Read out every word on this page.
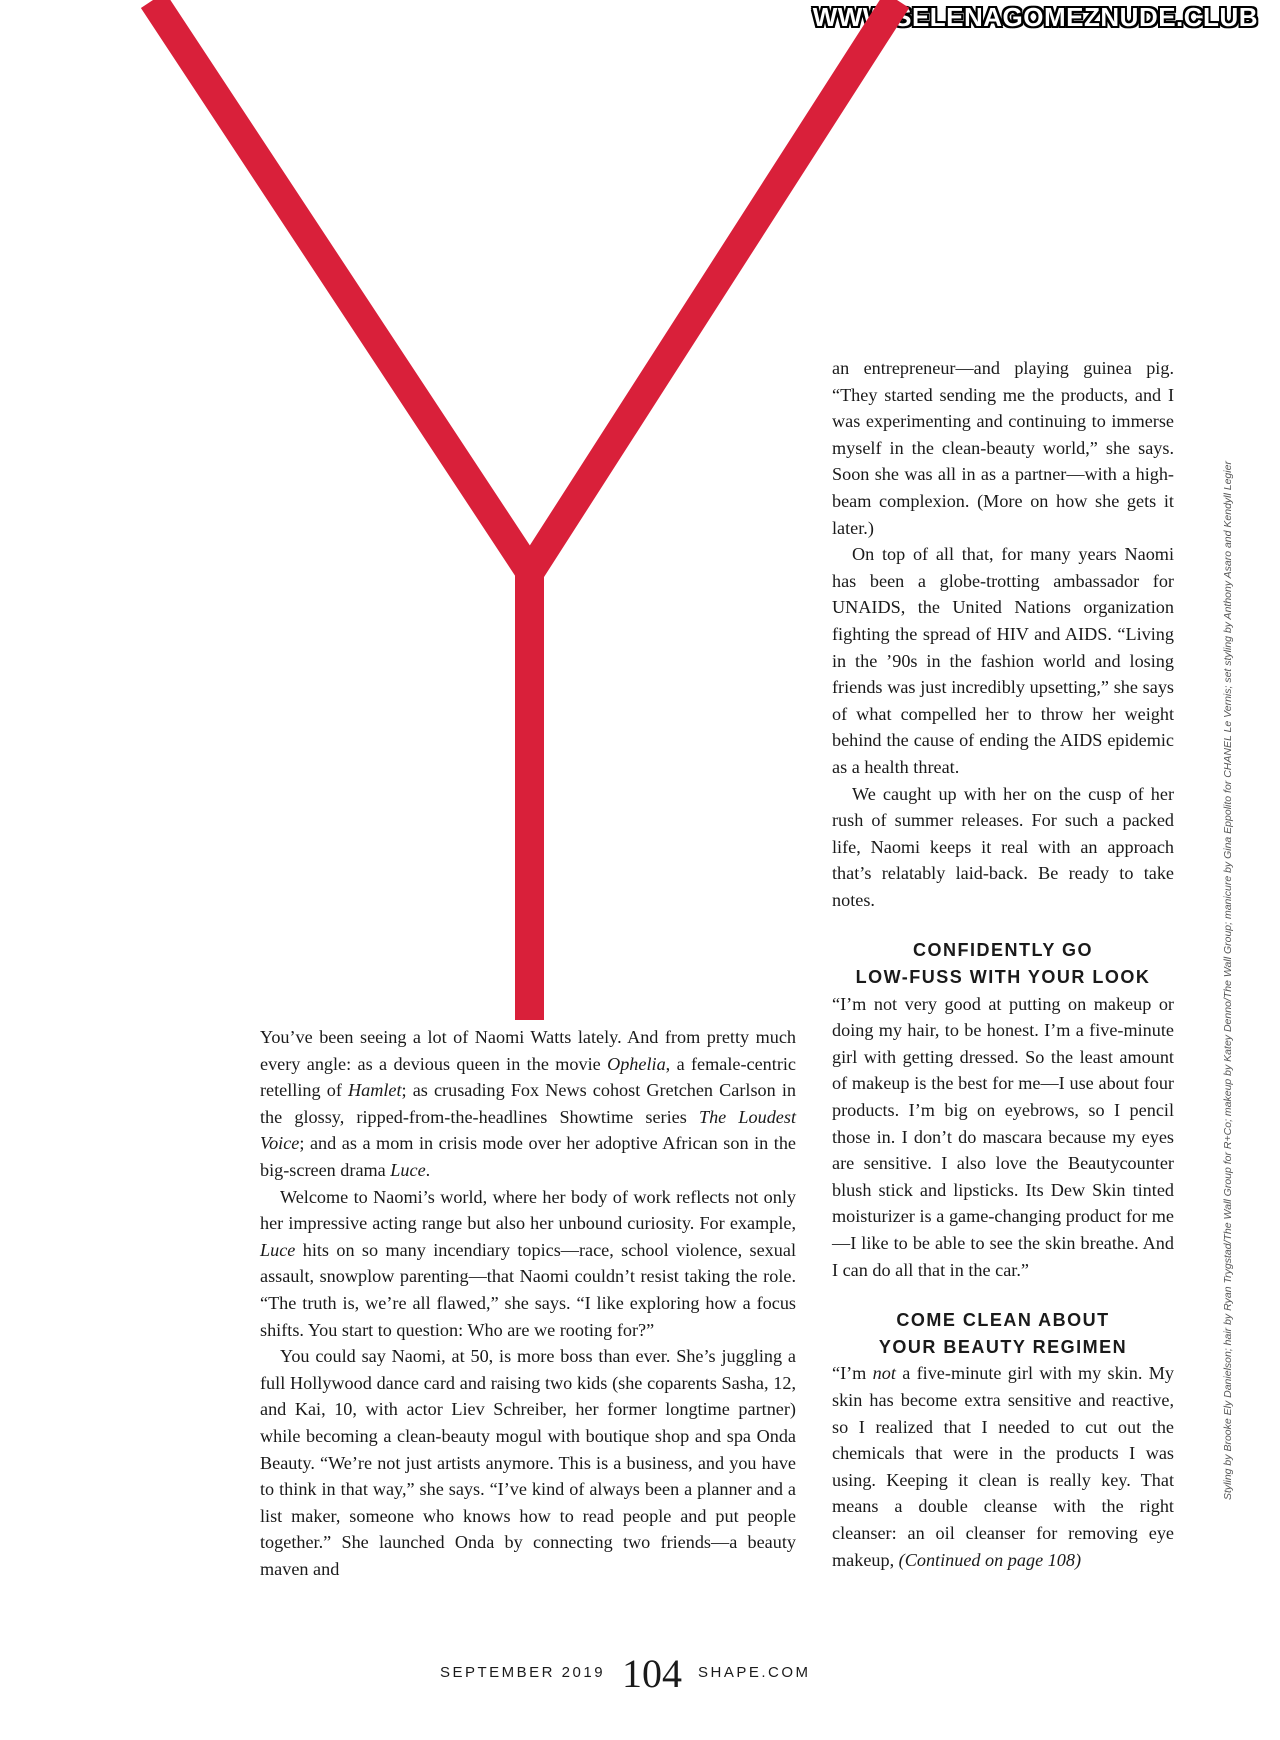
WWW.SELENAGOMEZNUDE.CLUB

You’ve been seeing a lot of Naomi Watts lately. And from pretty much every angle: as a devious queen in the movie Ophelia, a female-centric retelling of Hamlet; as crusading Fox News cohost Gretchen Carlson in the glossy, ripped-from-the-headlines Showtime series The Loudest Voice; and as a mom in crisis mode over her adoptive African son in the big-screen drama Luce.

Welcome to Naomi’s world, where her body of work reflects not only her impressive acting range but also her unbound curiosity. For example, Luce hits on so many incendiary topics—race, school violence, sexual assault, snowplow parenting—that Naomi couldn’t resist taking the role. “The truth is, we’re all flawed,” she says. “I like exploring how a focus shifts. You start to question: Who are we rooting for?”

You could say Naomi, at 50, is more boss than ever. She’s juggling a full Hollywood dance card and raising two kids (she coparents Sasha, 12, and Kai, 10, with actor Liev Schreiber, her former longtime partner) while becoming a clean-beauty mogul with boutique shop and spa Onda Beauty. “We’re not just artists anymore. This is a business, and you have to think in that way,” she says. “I’ve kind of always been a planner and a list maker, someone who knows how to read people and put people together.” She launched Onda by connecting two friends—a beauty maven and

an entrepreneur—and playing guinea pig. “They started sending me the products, and I was experimenting and continuing to immerse myself in the clean-beauty world,” she says. Soon she was all in as a partner—with a high-beam complexion. (More on how she gets it later.)

On top of all that, for many years Naomi has been a globe-trotting ambassador for UNAIDS, the United Nations organization fighting the spread of HIV and AIDS. “Living in the ’90s in the fashion world and losing friends was just incredibly upsetting,” she says of what compelled her to throw her weight behind the cause of ending the AIDS epidemic as a health threat.

We caught up with her on the cusp of her rush of summer releases. For such a packed life, Naomi keeps it real with an approach that’s relatably laid-back. Be ready to take notes.

CONFIDENTLY GO
LOW-FUSS WITH YOUR LOOK

“I’m not very good at putting on makeup or doing my hair, to be honest. I’m a five-minute girl with getting dressed. So the least amount of makeup is the best for me—I use about four products. I’m big on eyebrows, so I pencil those in. I don’t do mascara because my eyes are sensitive. I also love the Beautycounter blush stick and lipsticks. Its Dew Skin tinted moisturizer is a game-changing product for me—I like to be able to see the skin breathe. And I can do all that in the car.”

COME CLEAN ABOUT
YOUR BEAUTY REGIMEN

“I’m not a five-minute girl with my skin. My skin has become extra sensitive and reactive, so I realized that I needed to cut out the chemicals that were in the products I was using. Keeping it clean is really key. That means a double cleanse with the right cleanser: an oil cleanser for removing eye makeup, (Continued on page 108)

Styling by Brooke Ely Danielson; hair by Ryan Trygstad/The Wall Group for R+Co; makeup by Katey Denno/The Wall Group; manicure by Gina Eppolito for CHANEL Le Vernis; set styling by Anthony Asaro and Kendyll Legier
SEPTEMBER 2019 104 SHAPE.COM
